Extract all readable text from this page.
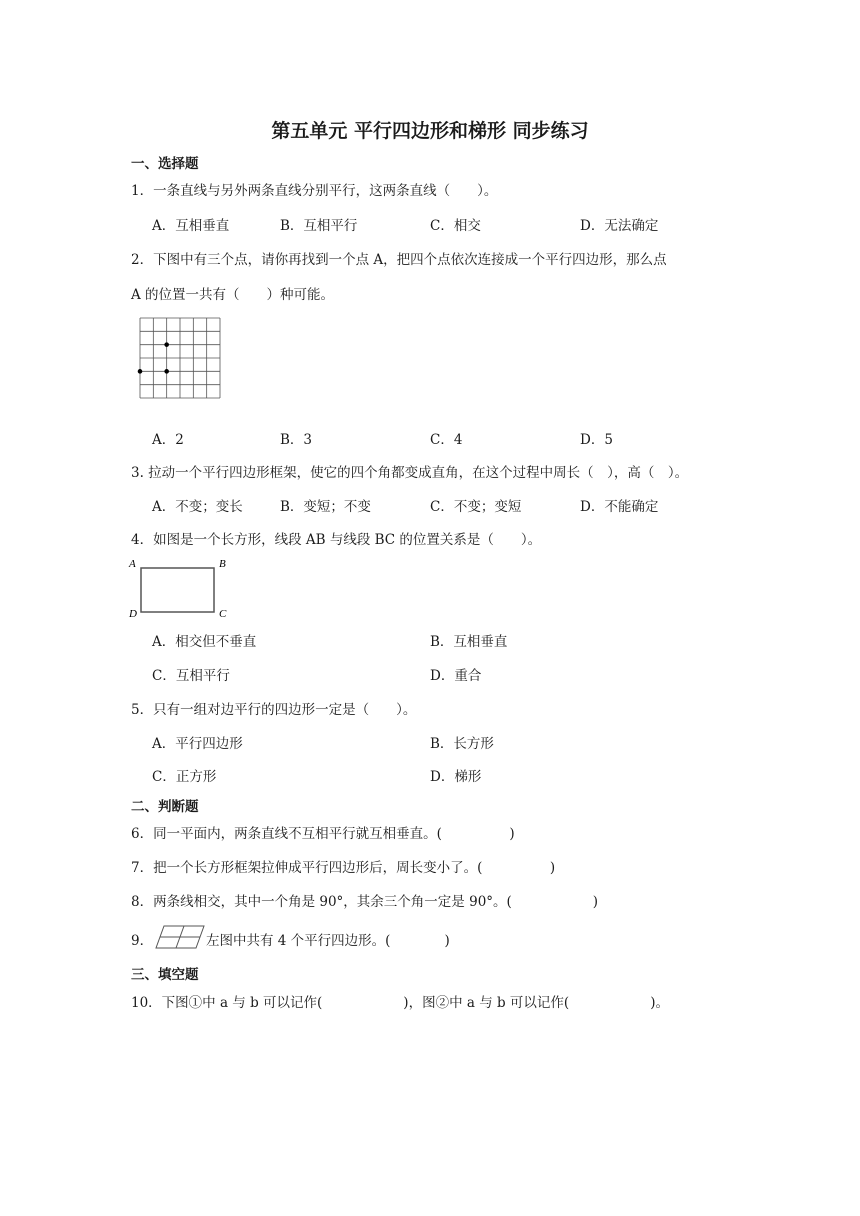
第五单元 平行四边形和梯形 同步练习
一、选择题
1．一条直线与另外两条直线分别平行，这两条直线（　　）。
A．互相垂直	B．互相平行	C．相交	D．无法确定
2．下图中有三个点，请你再找到一个点 A，把四个点依次连接成一个平行四边形，那么点
A 的位置一共有（　　）种可能。
A．2	B．3	C．4	D．5
3. 拉动一个平行四边形框架，使它的四个角都变成直角，在这个过程中周长（　），高（　）。
A．不变；变长	B．变短；不变	C．不变；变短	D．不能确定
4．如图是一个长方形，线段 AB 与线段 BC 的位置关系是（　　）。
A	B
C
D
A．相交但不垂直	B．互相垂直
C．互相平行	D．重合
5．只有一组对边平行的四边形一定是（　　）。
A．平行四边形	B．长方形
C．正方形	D．梯形
二、判断题
6．同一平面内，两条直线不互相平行就互相垂直。(　　　　　)
7．把一个长方形框架拉伸成平行四边形后，周长变小了。(　　　　　)
8．两条线相交，其中一个角是 90°，其余三个角一定是 90°。(　　　　　　)
9．	左图中共有 4 个平行四边形。(　　　　)
三、填空题
10．下图①中 a 与 b 可以记作(　　　　　　)，图②中 a 与 b 可以记作(　　　　　　)。
